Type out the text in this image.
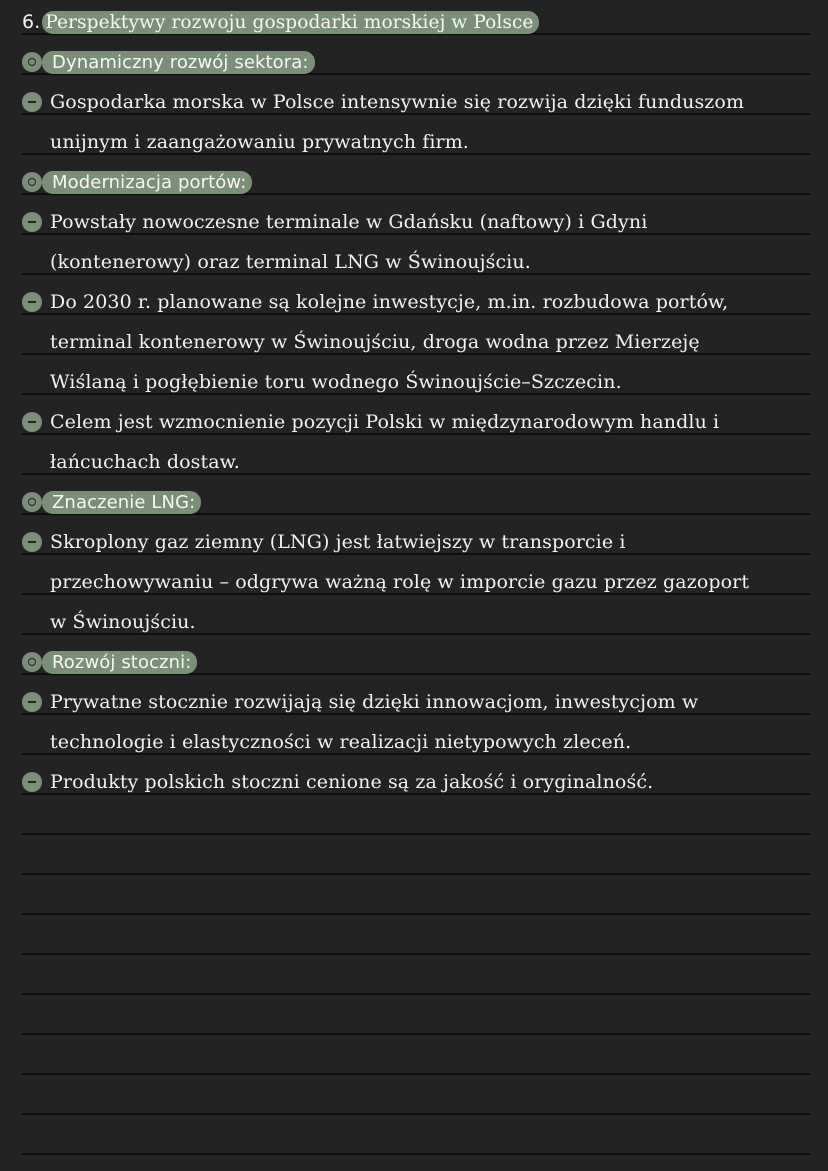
6. Perspektywy rozwoju gospodarki morskiej w Polsce
Dynamiczny rozwój sektora:
Gospodarka morska w Polsce intensywnie się rozwija dzięki funduszom
unijnym i zaangażowaniu prywatnych firm.
Modernizacja portów:
Powstały nowoczesne terminale w Gdańsku (naftowy) i Gdyni
(kontenerowy) oraz terminal LNG w Świnoujściu.
Do 2030 r. planowane są kolejne inwestycje, m.in. rozbudowa portów,
terminal kontenerowy w Świnoujściu, droga wodna przez Mierzeję
Wiślaną i pogłębienie toru wodnego Świnoujście–Szczecin.
Celem jest wzmocnienie pozycji Polski w międzynarodowym handlu i
łańcuchach dostaw.
Znaczenie LNG:
Skroplony gaz ziemny (LNG) jest łatwiejszy w transporcie i
przechowywaniu – odgrywa ważną rolę w imporcie gazu przez gazoport
w Świnoujściu.
Rozwój stoczni:
Prywatne stocznie rozwijają się dzięki innowacjom, inwestycjom w
technologie i elastyczności w realizacji nietypowych zleceń.
Produkty polskich stoczni cenione są za jakość i oryginalność.
